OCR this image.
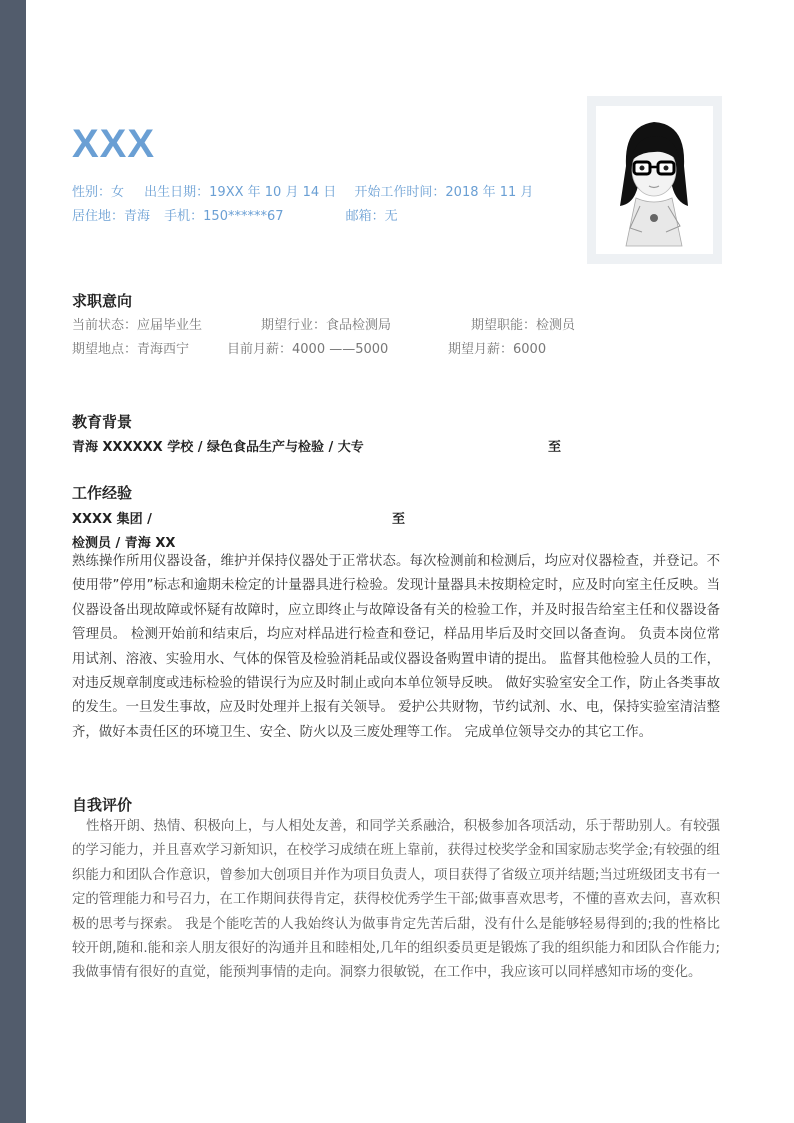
XXX
性别：女 出生日期：19XX 年 10 月 14 日 开始工作时间：2018 年 11 月
居住地：青海 手机：150******67	邮箱：无
求职意向
当前状态：应届毕业生	期望行业：食品检测局	期望职能：检测员
期望地点：青海西宁	目前月薪：4000 ——5000	期望月薪：6000
教育背景
青海 XXXXXX 学校 / 绿色食品生产与检验 / 大专	至
工作经验
XXXX 集团 /	至
检测员 / 青海 XX
熟练操作所用仪器设备，维护并保持仪器处于正常状态。每次检测前和检测后，均应对仪器检查，并登记。不使用带”停用”标志和逾期未检定的计量器具进行检验。发现计量器具未按期检定时，应及时向室主任反映。当仪器设备出现故障或怀疑有故障时，应立即终止与故障设备有关的检验工作，并及时报告给室主任和仪器设备管理员。 检测开始前和结束后，均应对样品进行检查和登记，样品用毕后及时交回以备查询。 负责本岗位常用试剂、溶液、实验用水、气体的保管及检验消耗品或仪器设备购置申请的提出。 监督其他检验人员的工作，对违反规章制度或违标检验的错误行为应及时制止或向本单位领导反映。 做好实验室安全工作，防止各类事故的发生。一旦发生事故，应及时处理并上报有关领导。 爱护公共财物，节约试剂、水、电，保持实验室清洁整齐，做好本责任区的环境卫生、安全、防火以及三废处理等工作。 完成单位领导交办的其它工作。
自我评价
性格开朗、热情、积极向上，与人相处友善，和同学关系融洽，积极参加各项活动，乐于帮助别人。有较强的学习能力，并且喜欢学习新知识，在校学习成绩在班上靠前，获得过校奖学金和国家励志奖学金;有较强的组织能力和团队合作意识，曾参加大创项目并作为项目负责人，项目获得了省级立项并结题;当过班级团支书有一定的管理能力和号召力，在工作期间获得肯定，获得校优秀学生干部;做事喜欢思考，不懂的喜欢去问，喜欢积极的思考与探索。 我是个能吃苦的人我始终认为做事肯定先苦后甜，没有什么是能够轻易得到的;我的性格比较开朗,随和.能和亲人朋友很好的沟通并且和睦相处,几年的组织委员更是锻炼了我的组织能力和团队合作能力;我做事情有很好的直觉，能预判事情的走向。洞察力很敏锐，在工作中，我应该可以同样感知市场的变化。
